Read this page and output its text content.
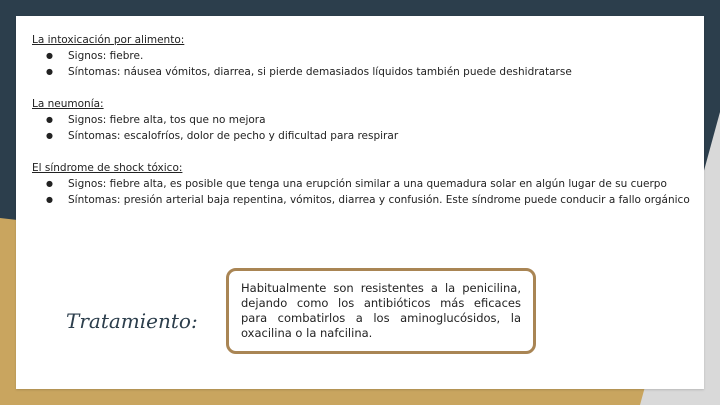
La intoxicación por alimento:
● Signos: fiebre.
● Síntomas: náusea vómitos, diarrea, si pierde demasiados líquidos también puede deshidratarse
La neumonía:
● Signos: fiebre alta, tos que no mejora
● Síntomas: escalofríos, dolor de pecho y dificultad para respirar
El síndrome de shock tóxico:
● Signos: fiebre alta, es posible que tenga una erupción similar a una quemadura solar en algún lugar de su cuerpo
● Síntomas: presión arterial baja repentina, vómitos, diarrea y confusión. Este síndrome puede conducir a fallo orgánico
Tratamiento:
Habitualmente son resistentes a la penicilina, dejando como los antibióticos más eficaces para combatirlos a los aminoglucósidos, la oxacilina o la nafcilina.
